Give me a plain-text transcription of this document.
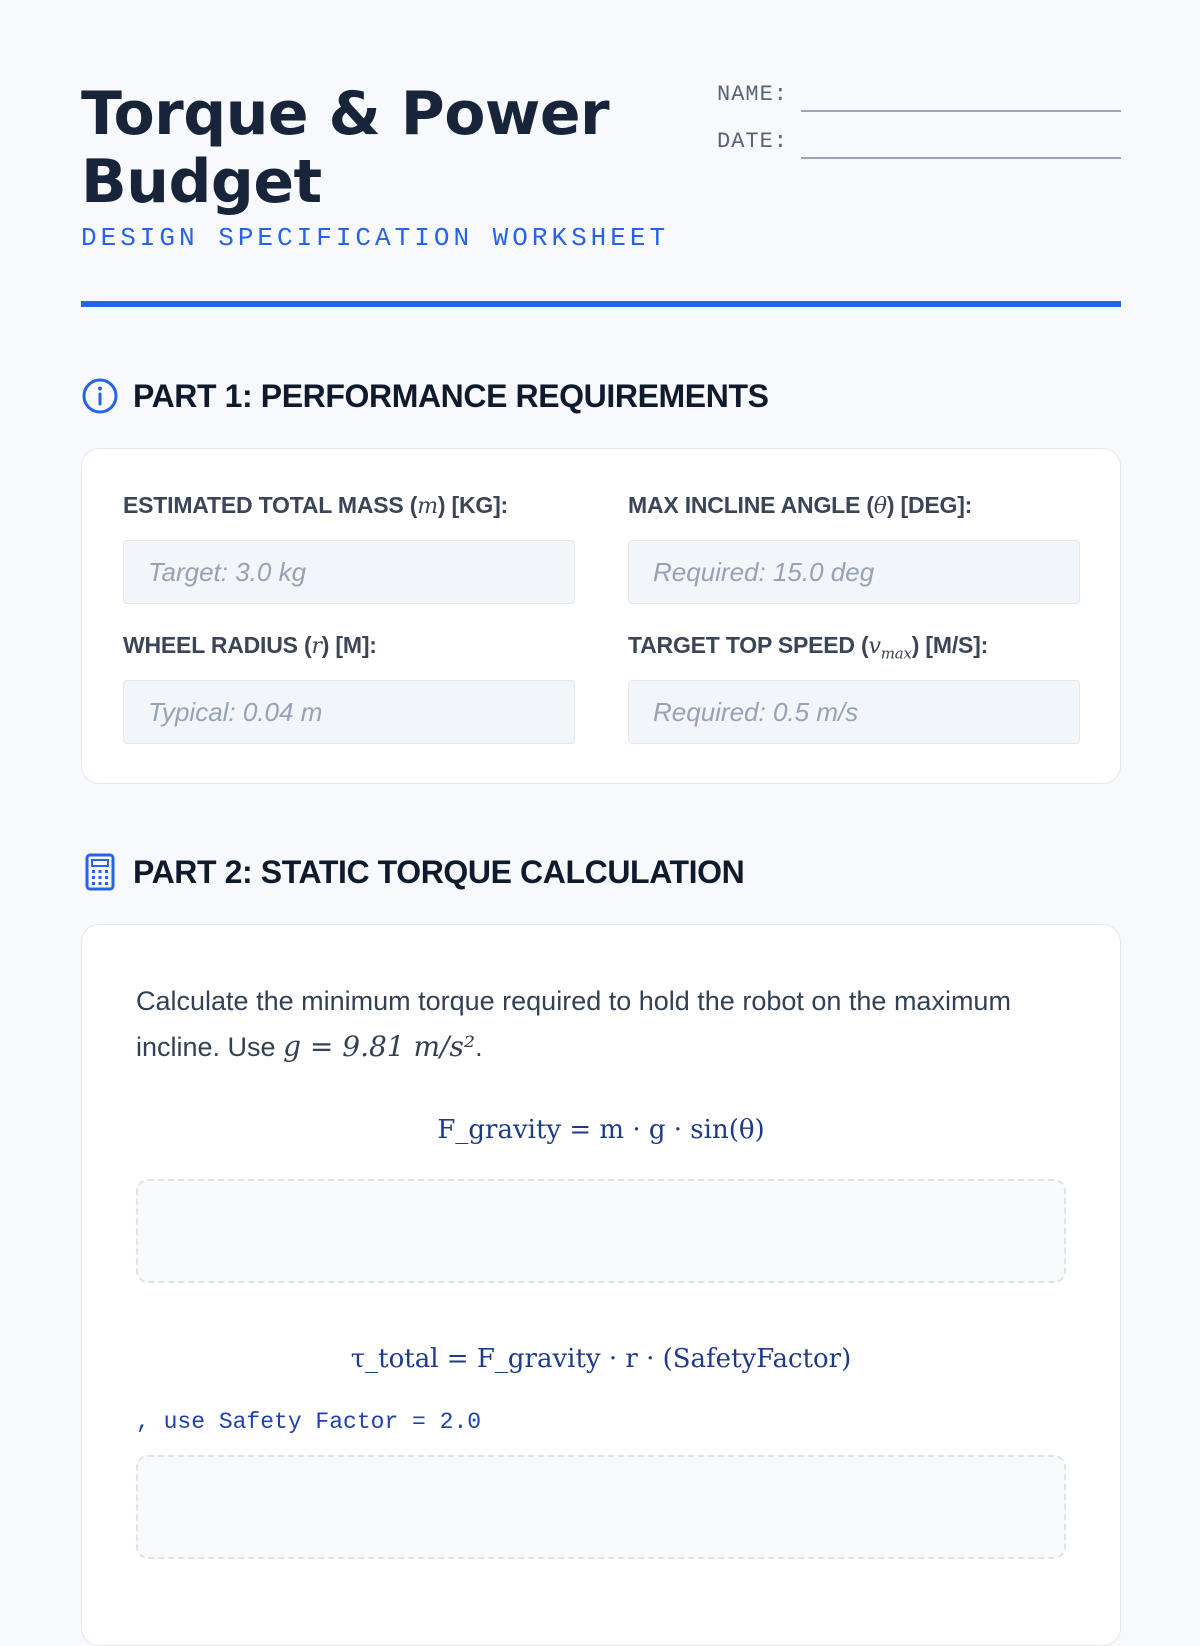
Torque & Power Budget
DESIGN SPECIFICATION WORKSHEET
NAME:
DATE:
PART 1: PERFORMANCE REQUIREMENTS
ESTIMATED TOTAL MASS (m) [KG]:
Target: 3.0 kg	MAX INCLINE ANGLE (θ) [DEG]:
Required: 15.0 deg
WHEEL RADIUS (r) [M]:
Typical: 0.04 m	TARGET TOP SPEED $(v_{max})$ [M/S]:
Required: 0.5 m/s
PART 2: STATIC TORQUE CALCULATION
Calculate the minimum torque required to hold the robot on the maximum incline. Use g = 9.81 m/s².
F_gravity = m · g · sin(θ)
τ_total = F_gravity · r · (SafetyFactor)
, use Safety Factor = 2.0
